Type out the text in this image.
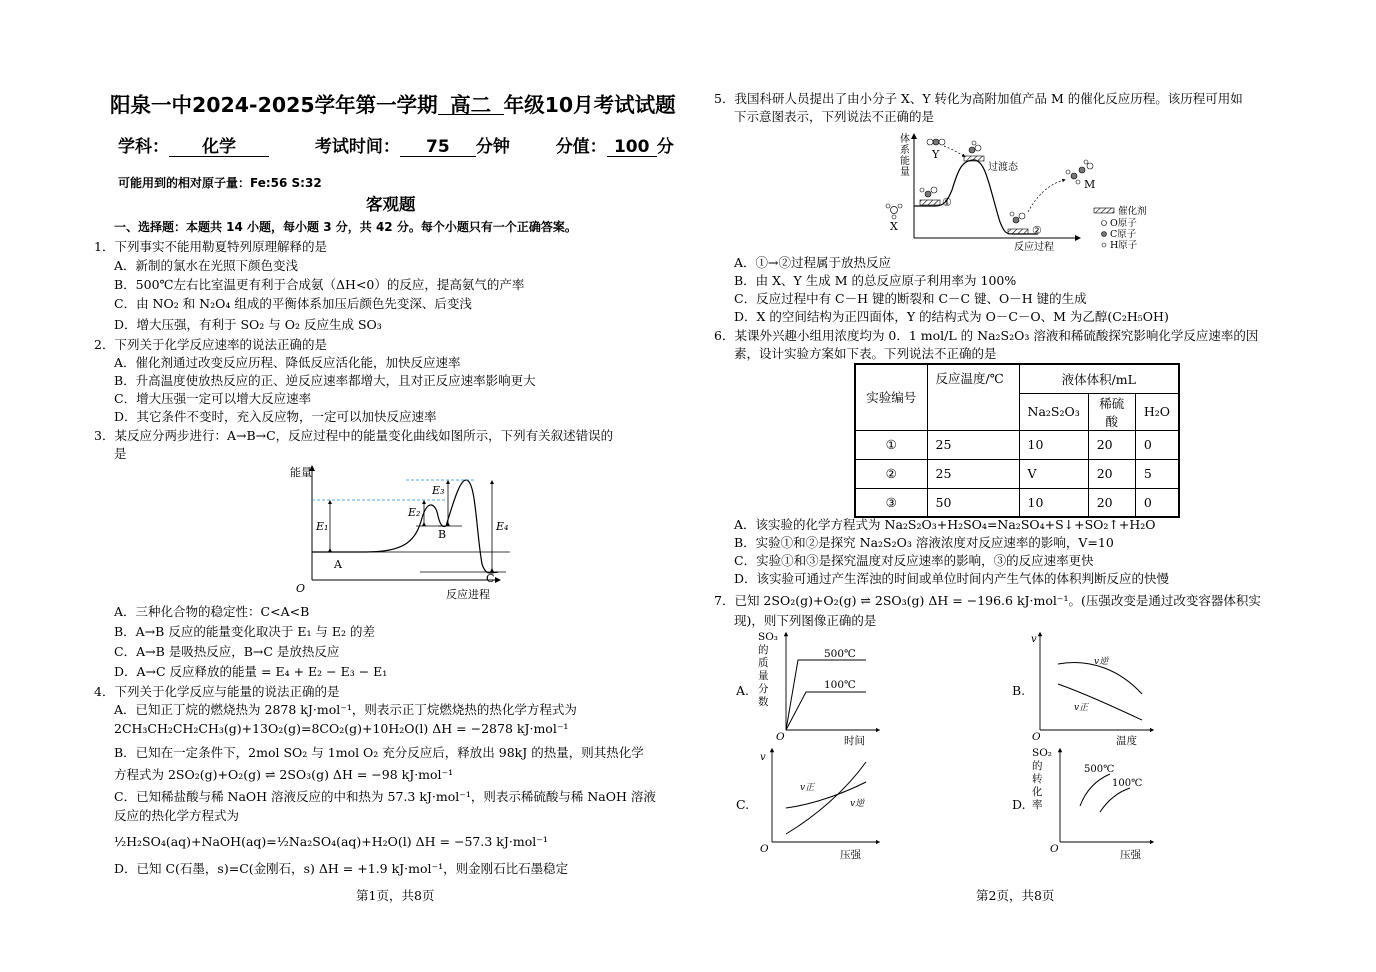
阳泉一中2024-2025学年第一学期 高二 年级10月考试试题
学科： 化学	考试时间： 75 分钟	分值： 100 分
可能用到的相对原子量：Fe:56 S:32
客观题
一、选择题：本题共 14 小题，每小题 3 分，共 42 分。每个小题只有一个正确答案。
1．下列事实不能用勒夏特列原理解释的是
A．新制的氯水在光照下颜色变浅
B．500℃左右比室温更有利于合成氨（ΔH<0）的反应，提高氨气的产率
C．由 NO₂ 和 N₂O₄ 组成的平衡体系加压后颜色先变深、后变浅
D．增大压强，有利于 SO₂ 与 O₂ 反应生成 SO₃
2．下列关于化学反应速率的说法正确的是
A．催化剂通过改变反应历程、降低反应活化能，加快反应速率
B．升高温度使放热反应的正、逆反应速率都增大，且对正反应速率影响更大
C．增大压强一定可以增大反应速率
D．其它条件不变时，充入反应物，一定可以加快反应速率
3．某反应分两步进行：A→B→C，反应过程中的能量变化曲线如图所示，下列有关叙述错误的
是
能量
O	反应进程
E₁
E₂
E₃
E₄
A
B
C
A．三种化合物的稳定性：C<A<B
B．A→B 反应的能量变化取决于 E₁ 与 E₂ 的差
C．A→B 是吸热反应，B→C 是放热反应
D．A→C 反应释放的能量 = E₄ + E₂ − E₃ − E₁
4．下列关于化学反应与能量的说法正确的是
A．已知正丁烷的燃烧热为 2878 kJ·mol⁻¹，则表示正丁烷燃烧热的热化学方程式为
2CH₃CH₂CH₂CH₃(g)+13O₂(g)=8CO₂(g)+10H₂O(l) ΔH = −2878 kJ·mol⁻¹
B．已知在一定条件下，2mol SO₂ 与 1mol O₂ 充分反应后，释放出 98kJ 的热量，则其热化学
方程式为 2SO₂(g)+O₂(g) ⇌ 2SO₃(g) ΔH = −98 kJ·mol⁻¹
C．已知稀盐酸与稀 NaOH 溶液反应的中和热为 57.3 kJ·mol⁻¹，则表示稀硫酸与稀 NaOH 溶液
反应的热化学方程式为
½H₂SO₄(aq)+NaOH(aq)=½Na₂SO₄(aq)+H₂O(l) ΔH = −57.3 kJ·mol⁻¹
D．已知 C(石墨，s)=C(金刚石，s) ΔH = +1.9 kJ·mol⁻¹，则金刚石比石墨稳定
第1页，共8页
5．我国科研人员提出了由小分子 X、Y 转化为高附加值产品 M 的催化反应历程。该历程可用如
下示意图表示，下列说法不正确的是
体系能量
反应过程
①
②
过渡态
X
Y
M
催化剂
O原子
C原子
H原子
A．①→②过程属于放热反应
B．由 X、Y 生成 M 的总反应原子利用率为 100%
C．反应过程中有 C－H 键的断裂和 C－C 键、O－H 键的生成
D．X 的空间结构为正四面体，Y 的结构式为 O－C－O、M 为乙醇(C₂H₅OH)
6．某课外兴趣小组用浓度均为 0．1 mol/L 的 Na₂S₂O₃ 溶液和稀硫酸探究影响化学反应速率的因
素，设计实验方案如下表。下列说法不正确的是
实验编号	反应温度/℃	液体体积/mL		
		Na₂S₂O₃	稀硫酸	H₂O
①	25	10	20	0
②	25	V	20	5
③	50	10	20	0
A．该实验的化学方程式为 Na₂S₂O₃+H₂SO₄=Na₂SO₄+S↓+SO₂↑+H₂O
B．实验①和②是探究 Na₂S₂O₃ 溶液浓度对反应速率的影响，V=10
C．实验①和③是探究温度对反应速率的影响，③的反应速率更快
D．该实验可通过产生浑浊的时间或单位时间内产生气体的体积判断反应的快慢
7．已知 2SO₂(g)+O₂(g) ⇌ 2SO₃(g) ΔH = −196.6 kJ·mol⁻¹。(压强改变是通过改变容器体积实
现)，则下列图像正确的是
A.	B.
C.	D.
SO₃ 的质量分数
O	时间
500℃
100℃
v
O	温度
v逆
v正
v
O	压强
v正
v逆
SO₂ 的转化率
O	压强
500℃
100℃
第2页，共8页
